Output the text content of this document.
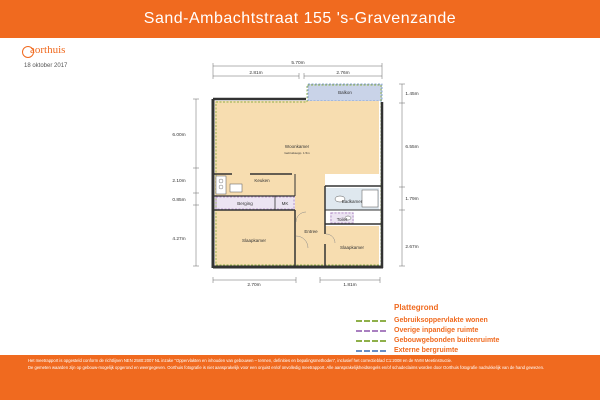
Sand-Ambachtstraat 155 's-Gravenzande
aorthuis
18 oktober 2017
Balkon
Woonkamer
Gebruiksopp. 1.5m
Keuken
Badkamer
Berging	MK
Toilet
Slaapkamer
Entree
Slaapkamer
5.70m
2.81m	2.76m
6.00m
2.10m
0.85m
4.27m
1.45m
6.55m
1.79m
2.67m
2.70m	1.81m
Plattegrond
Gebruiksoppervlakte wonen
Overige inpandige ruimte
Gebouwgebonden buitenruimte
Externe bergruimte

Het meetrapport is opgesteld conform de richtlijnen NEN 2580:2007 NL inzake "Oppervlakten en inhouden van gebouwen – termen, definities en bepalingsmethoden", inclusief het correctieblad C1:2008 en de NVM Meetinstructie.

De gemeten waarden zijn op gebouw-mogelijk opgerond en weergegeven. Oorthuis fotografie is niet aansprakelijk voor een onjuist en/of onvolledig meetrapport. Alle aansprakelijkheidsregels en/of schadeclaims worden door Oorthuis fotografie nadrukkelijk van de hand gewezen.
